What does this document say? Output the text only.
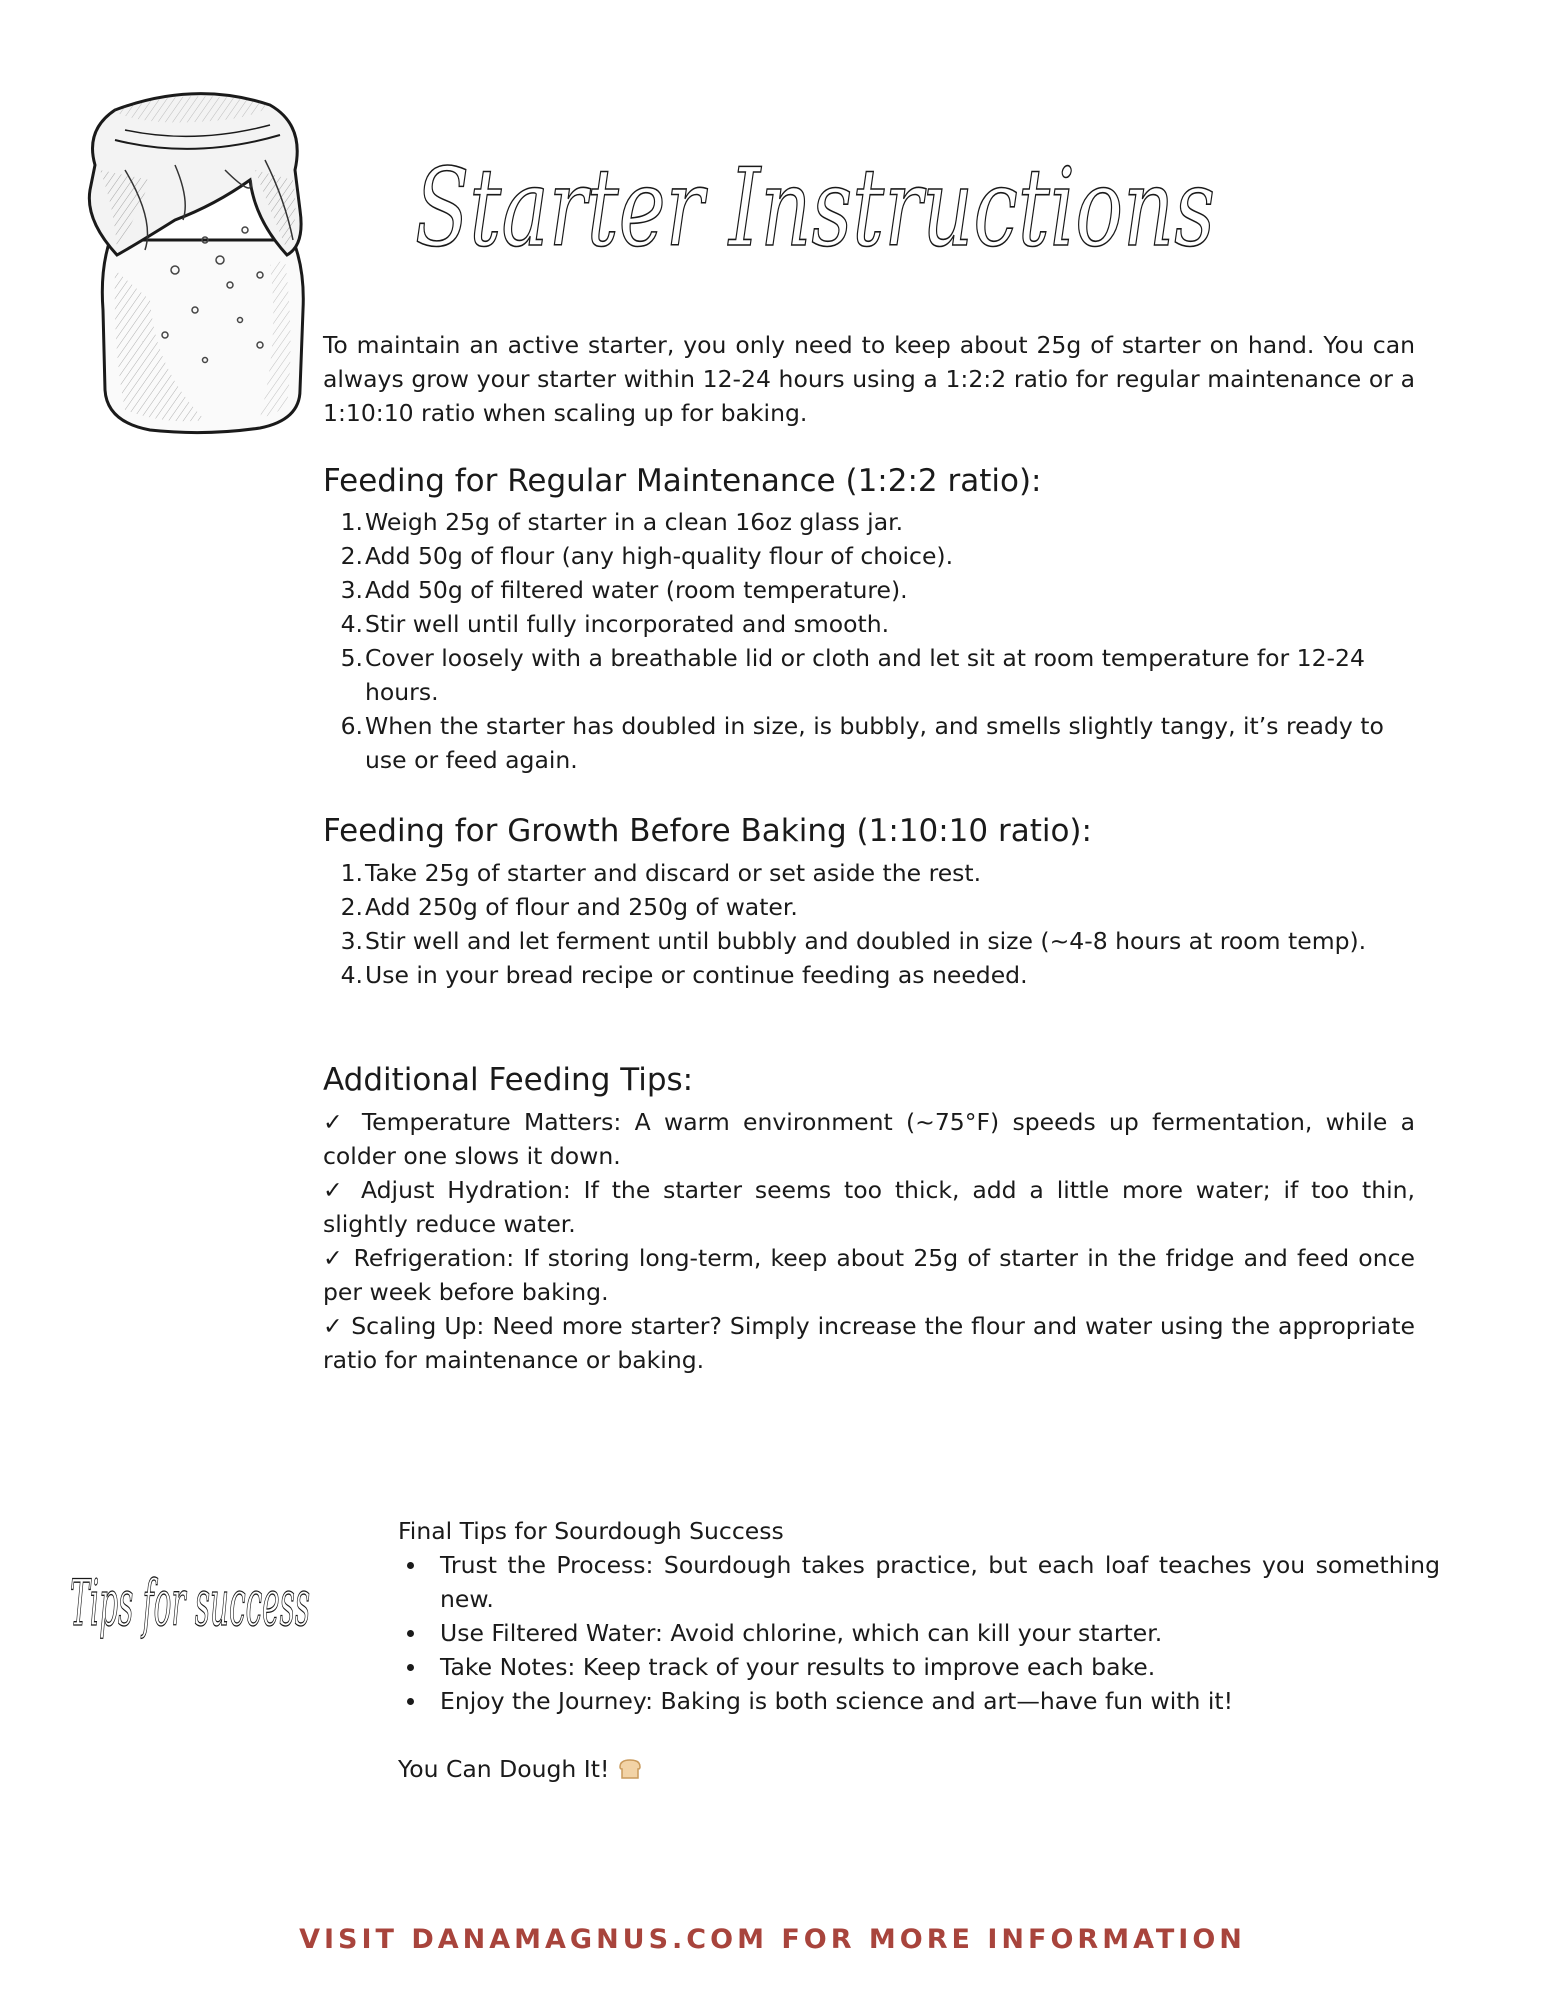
Starter Instructions

To maintain an active starter, you only need to keep about 25g of starter on hand. You can always grow your starter within 12-24 hours using a 1:2:2 ratio for regular maintenance or a 1:10:10 ratio when scaling up for baking.

Feeding for Regular Maintenance (1:2:2 ratio):
1. Weigh 25g of starter in a clean 16oz glass jar.
2. Add 50g of flour (any high-quality flour of choice).
3. Add 50g of filtered water (room temperature).
4. Stir well until fully incorporated and smooth.
5. Cover loosely with a breathable lid or cloth and let sit at room temperature for 12-24 hours.
6. When the starter has doubled in size, is bubbly, and smells slightly tangy, it’s ready to use or feed again.
Feeding for Growth Before Baking (1:10:10 ratio):
1. Take 25g of starter and discard or set aside the rest.
2. Add 250g of flour and 250g of water.
3. Stir well and let ferment until bubbly and doubled in size (~4-8 hours at room temp).
4. Use in your bread recipe or continue feeding as needed.
Additional Feeding Tips:

✓ Temperature Matters: A warm environment (~75°F) speeds up fermentation, while a colder one slows it down.

✓ Adjust Hydration: If the starter seems too thick, add a little more water; if too thin, slightly reduce water.

✓ Refrigeration: If storing long-term, keep about 25g of starter in the fridge and feed once per week before baking.

✓ Scaling Up: Need more starter? Simply increase the flour and water using the appropriate ratio for maintenance or baking.

Tips for success
Final Tips for Sourdough Success
Trust the Process: Sourdough takes practice, but each loaf teaches you something new.
Use Filtered Water: Avoid chlorine, which can kill your starter.
Take Notes: Keep track of your results to improve each bake.
Enjoy the Journey: Baking is both science and art—have fun with it!
You Can Dough It!
VISIT DANAMAGNUS.COM FOR MORE INFORMATION
